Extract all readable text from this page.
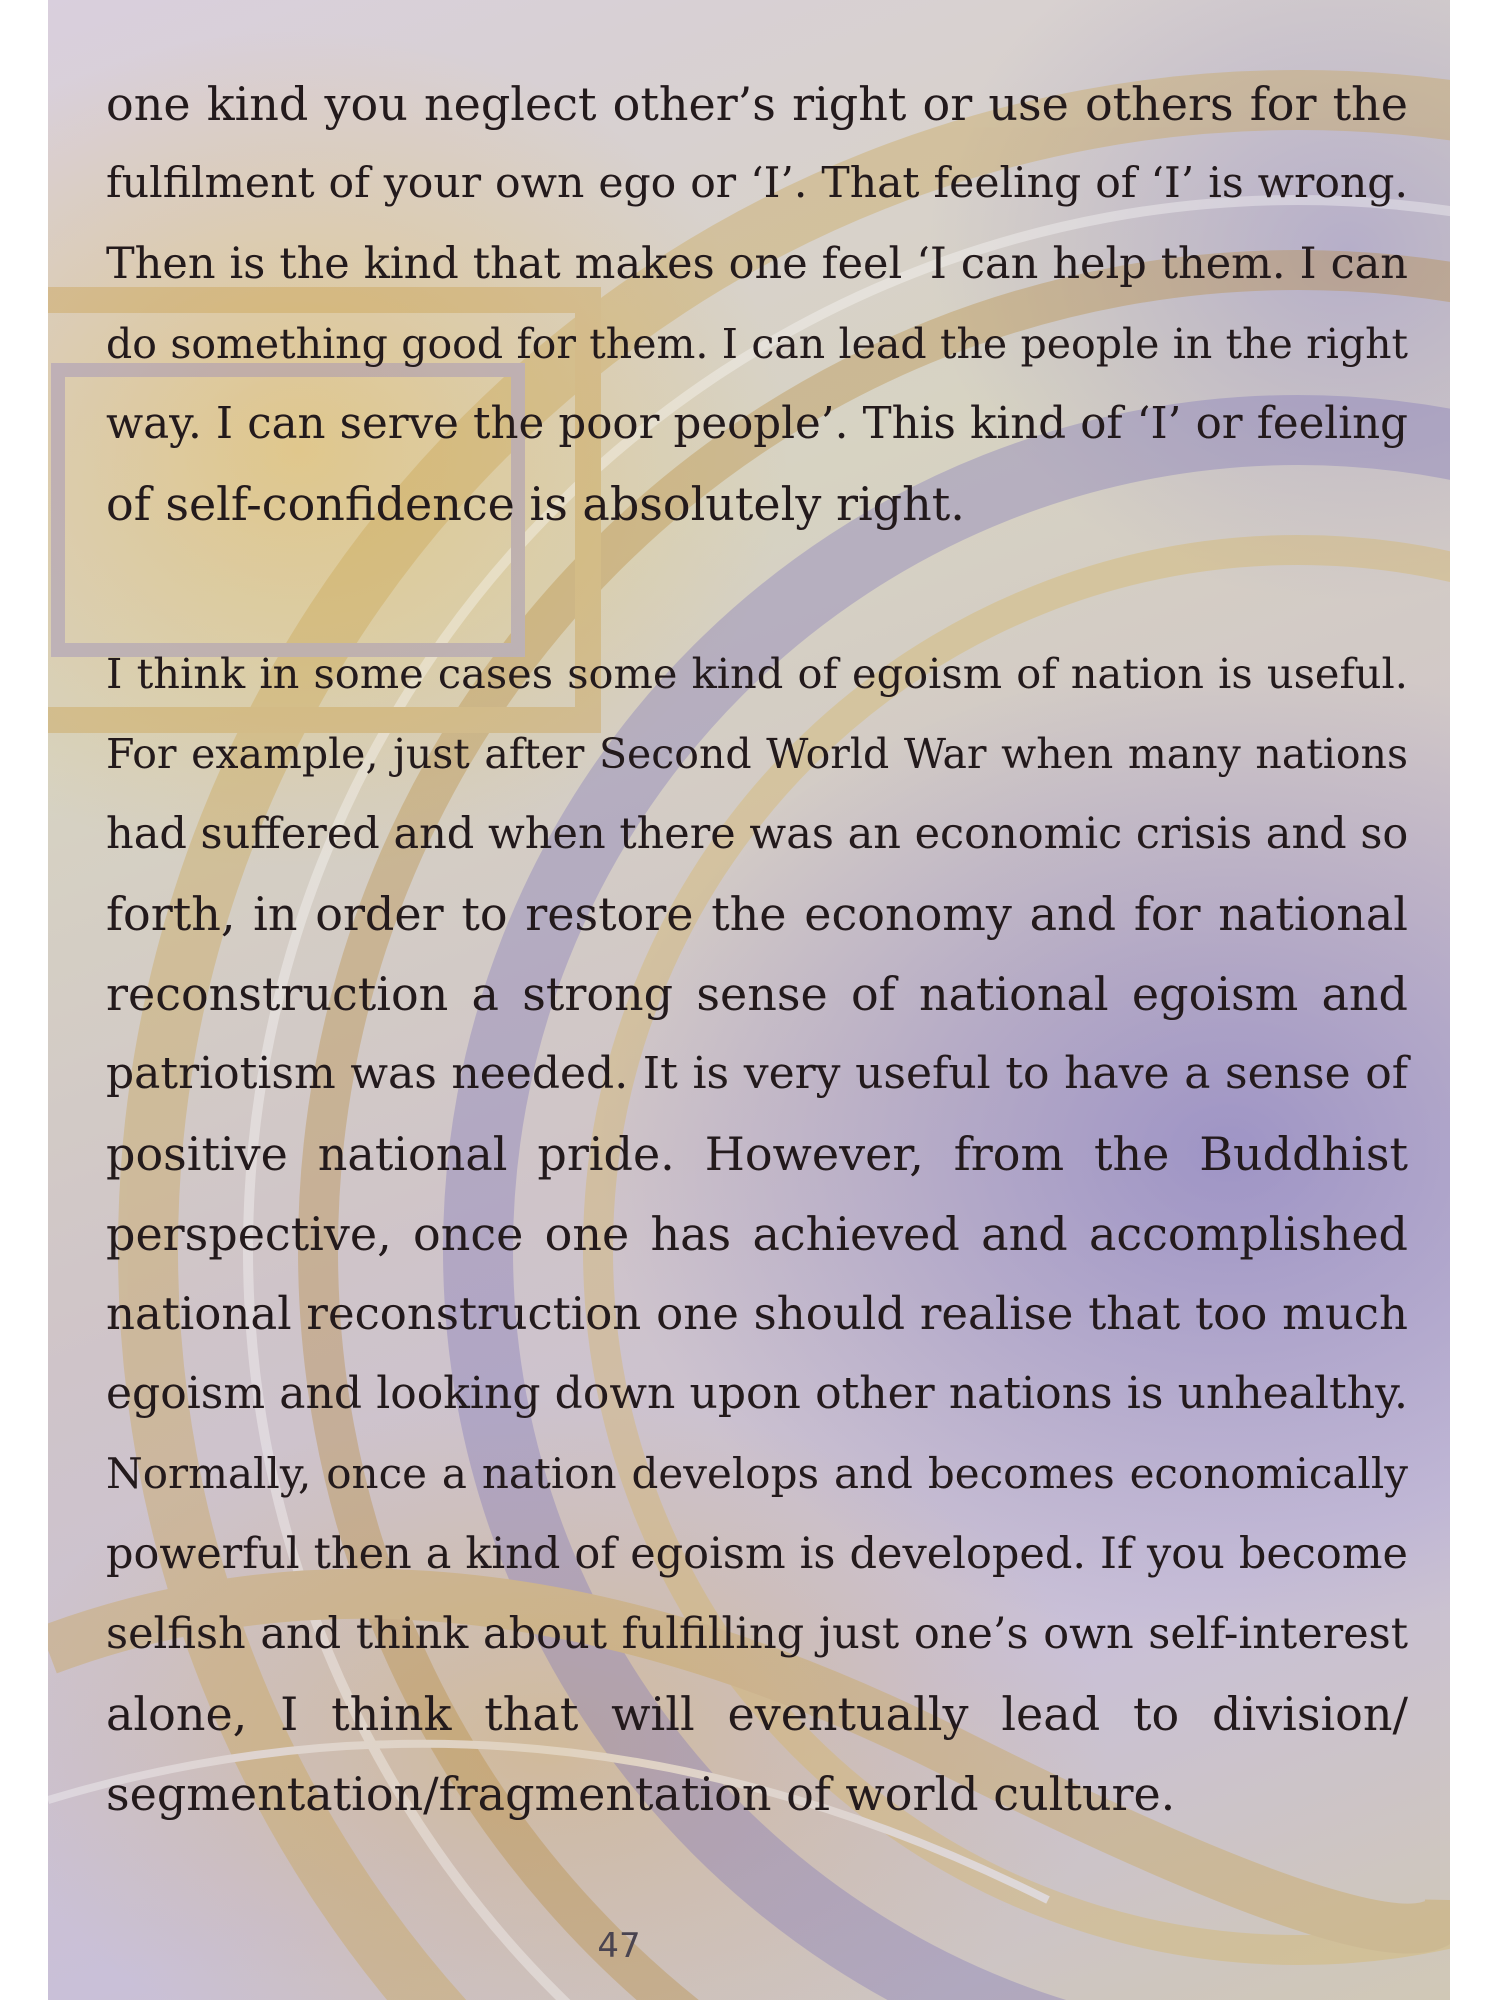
one kind you neglect other’s right or use others for the
fulfilment of your own ego or ‘I’. That feeling of ‘I’ is wrong.
Then is the kind that makes one feel ‘I can help them. I can
do something good for them. I can lead the people in the right
way. I can serve the poor people’. This kind of ‘I’ or feeling
of self-confidence is absolutely right.
I think in some cases some kind of egoism of nation is useful.
For example, just after Second World War when many nations
had suffered and when there was an economic crisis and so
forth, in order to restore the economy and for national
reconstruction a strong sense of national egoism and
patriotism was needed. It is very useful to have a sense of
positive national pride. However, from the Buddhist
perspective, once one has achieved and accomplished
national reconstruction one should realise that too much
egoism and looking down upon other nations is unhealthy.
Normally, once a nation develops and becomes economically
powerful then a kind of egoism is developed. If you become
selfish and think about fulfilling just one’s own self-interest
alone, I think that will eventually lead to division/
segmentation/fragmentation of world culture.
47
